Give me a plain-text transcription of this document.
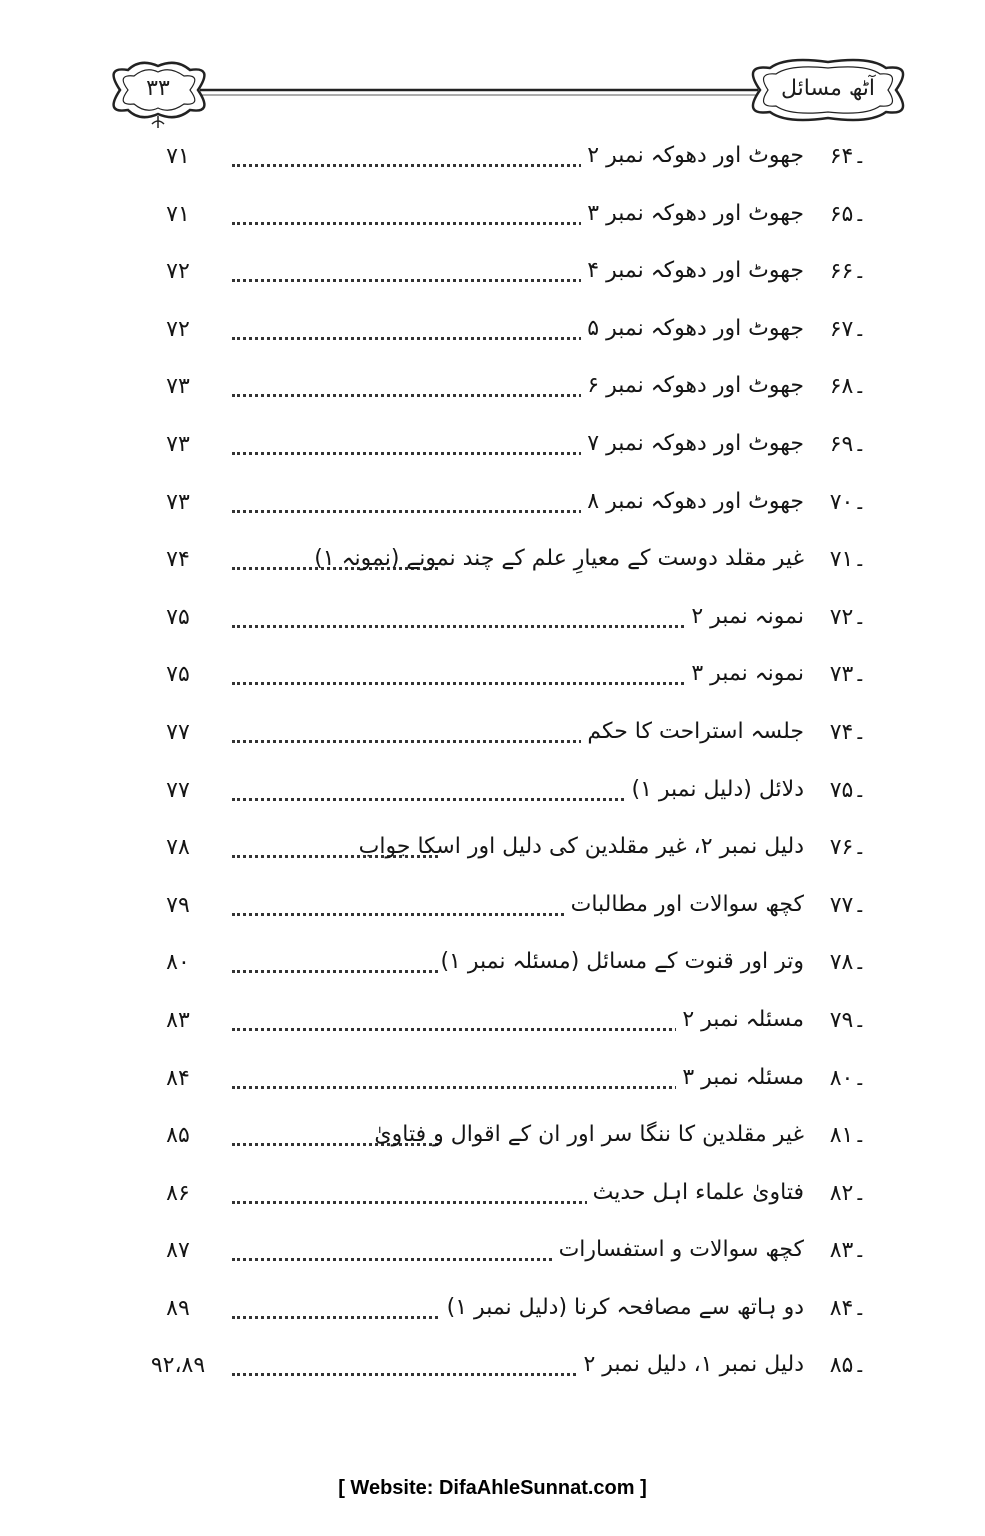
٣٣	آٹھ مسائل
۶۴۔
جھوٹ اور دھوکہ نمبر ۲
۷۱
۶۵۔
جھوٹ اور دھوکہ نمبر ۳
۷۱
۶۶۔
جھوٹ اور دھوکہ نمبر ۴
۷۲
۶۷۔
جھوٹ اور دھوکہ نمبر ۵
۷۲
۶۸۔
جھوٹ اور دھوکہ نمبر ۶
۷۳
۶۹۔
جھوٹ اور دھوکہ نمبر ۷
۷۳
۷۰۔
جھوٹ اور دھوکہ نمبر ۸
۷۳
۷۱۔
غیر مقلد دوست کے معیارِ علم کے چند نمونے (نمونہ ۱)
۷۴
۷۲۔
نمونہ نمبر ۲
۷۵
۷۳۔
نمونہ نمبر ۳
۷۵
۷۴۔
جلسہ استراحت کا حکم
۷۷
۷۵۔
دلائل (دلیل نمبر ۱)
۷۷
۷۶۔
دلیل نمبر ۲، غیر مقلدین کی دلیل اور اسکا جواب
۷۸
۷۷۔
کچھ سوالات اور مطالبات
۷۹
۷۸۔
وتر اور قنوت کے مسائل (مسئلہ نمبر ۱)
۸۰
۷۹۔
مسئلہ نمبر ۲
۸۳
۸۰۔
مسئلہ نمبر ۳
۸۴
۸۱۔
غیر مقلدین کا ننگا سر اور ان کے اقوال و فتاویٰ
۸۵
۸۲۔
فتاویٰ علماء اہل حدیث
۸۶
۸۳۔
کچھ سوالات و استفسارات
۸۷
۸۴۔
دو ہاتھ سے مصافحہ کرنا (دلیل نمبر ۱)
۸۹
۸۵۔
دلیل نمبر ۱، دلیل نمبر ۲
۹۲،۸۹
[ Website: DifaAhleSunnat.com ]
